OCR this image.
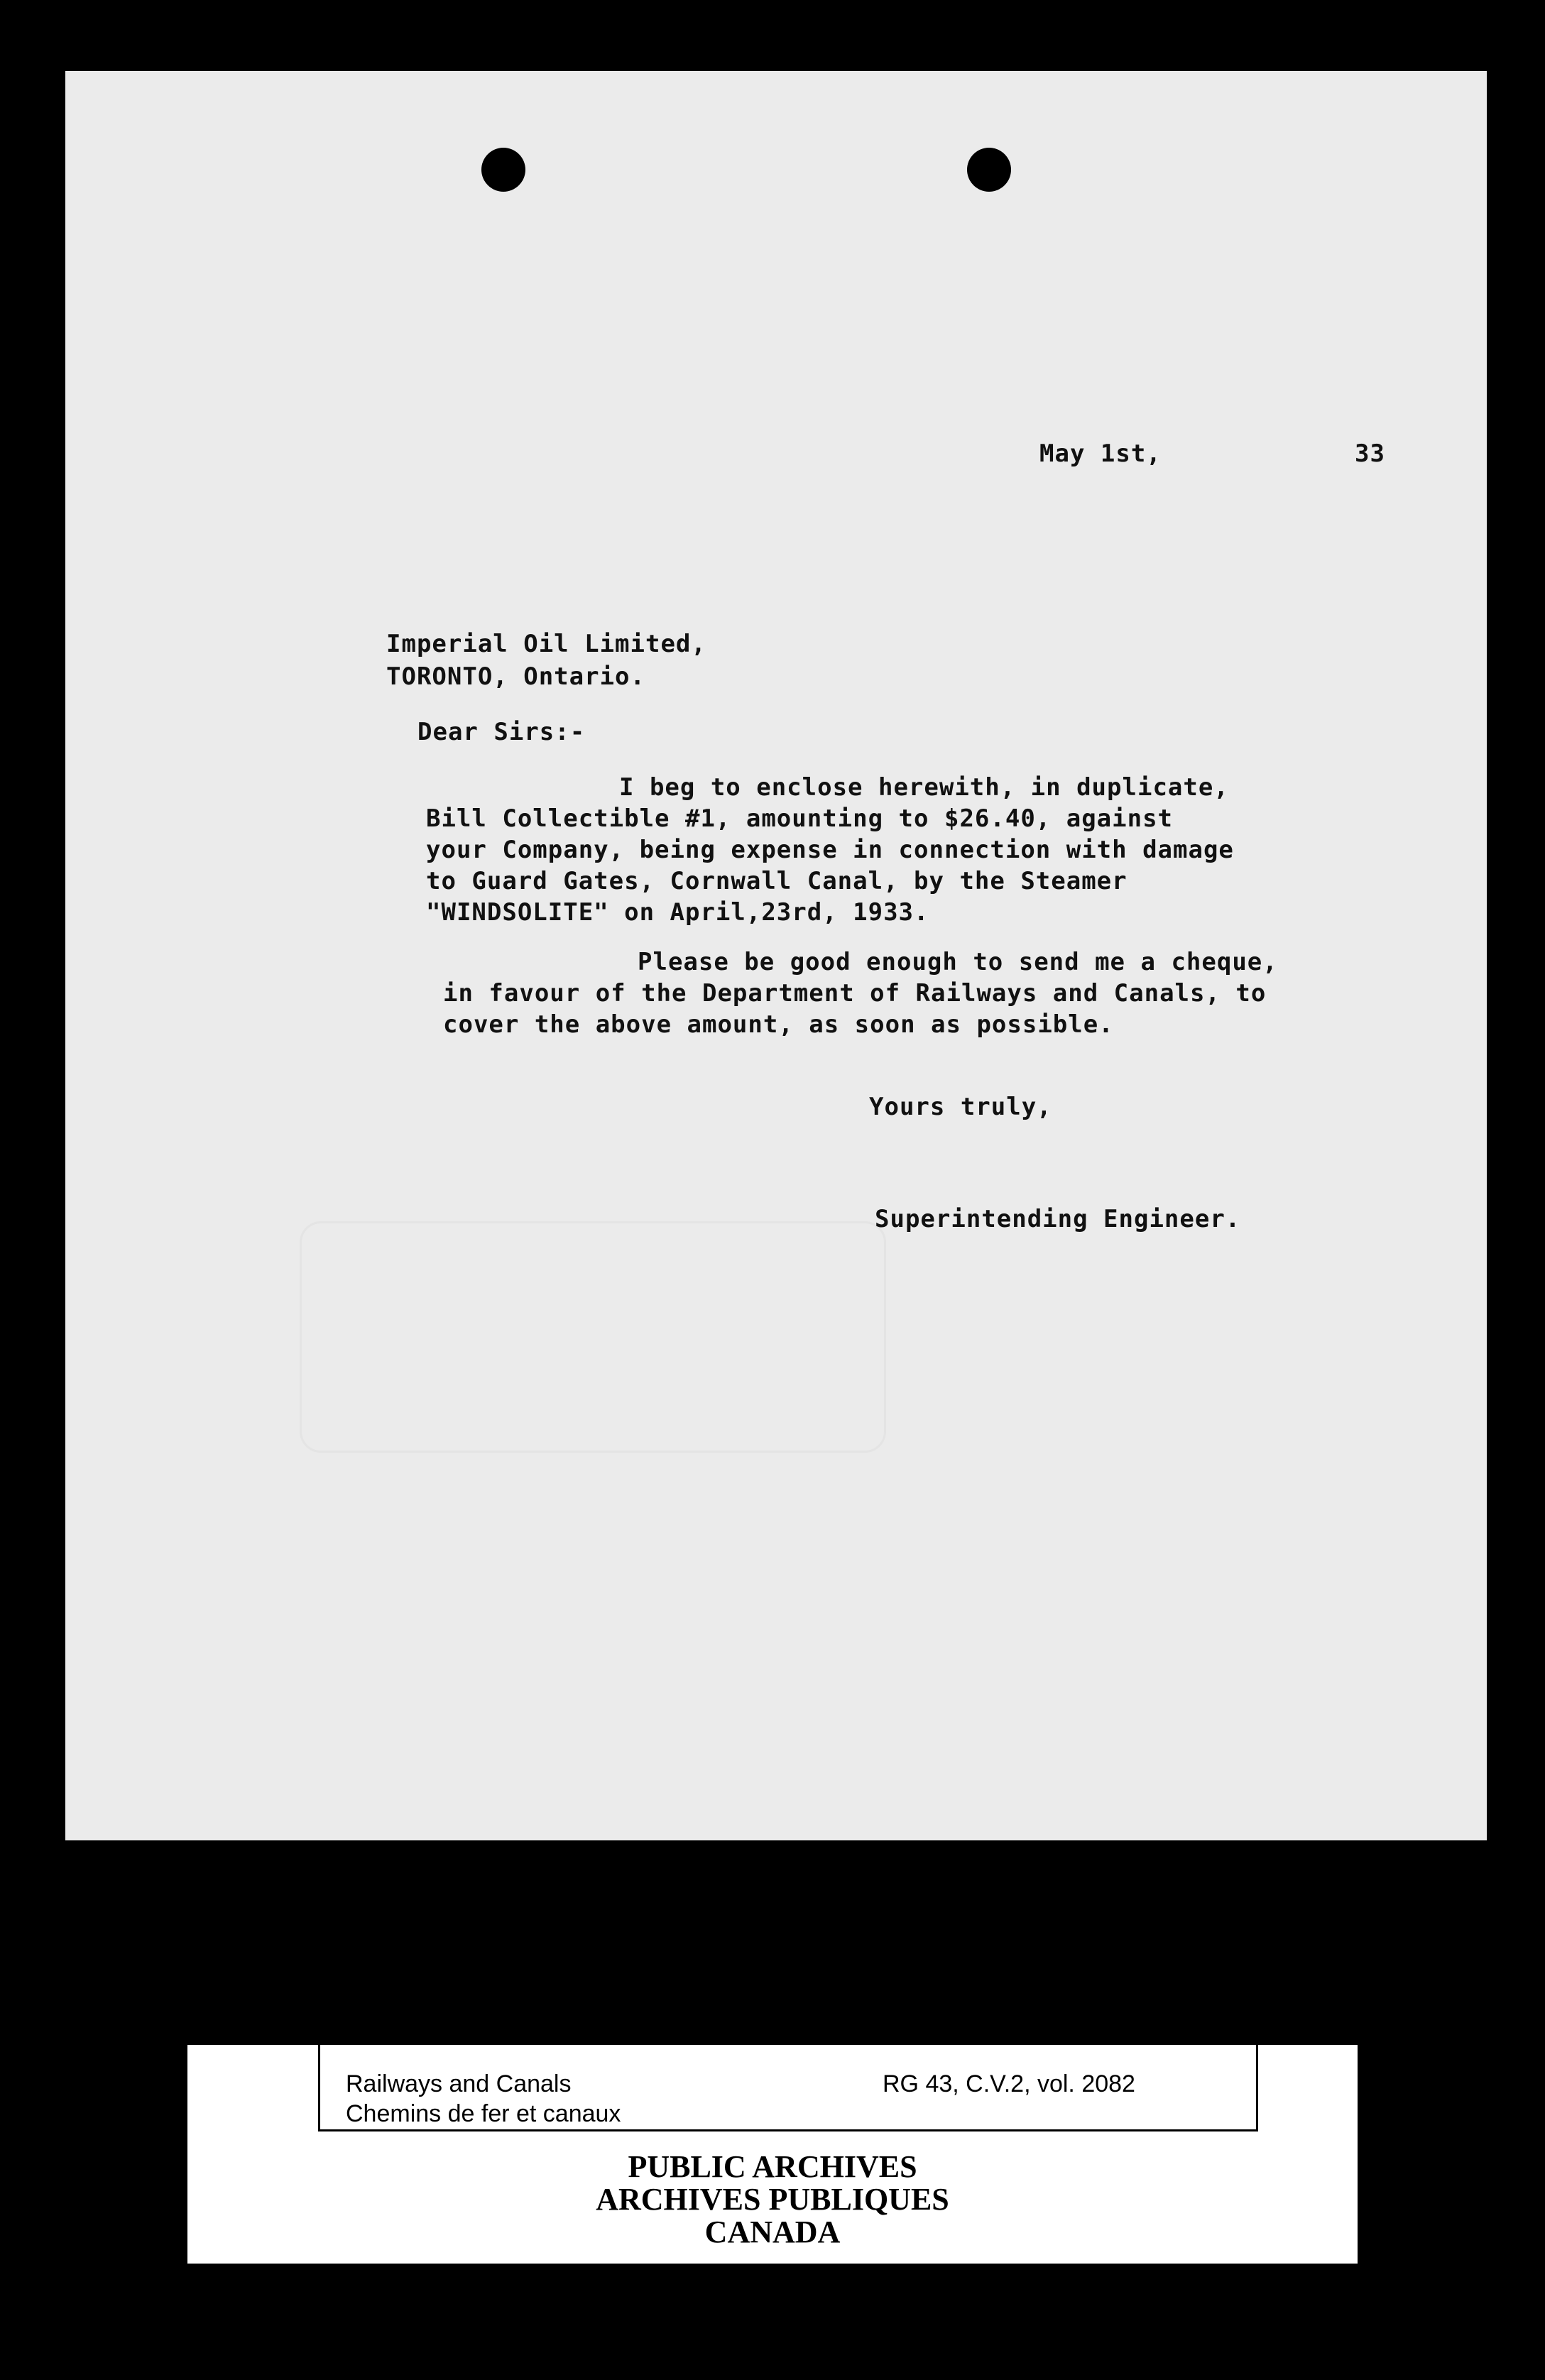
May 1st,	33
Imperial Oil Limited,
TORONTO, Ontario.
Dear Sirs:-
I beg to enclose herewith, in duplicate,
Bill Collectible #1, amounting to $26.40, against
your Company, being expense in connection with damage
to Guard Gates, Cornwall Canal, by the Steamer
"WINDSOLITE" on April,23rd, 1933.
Please be good enough to send me a cheque,
in favour of the Department of Railways and Canals, to
cover the above amount, as soon as possible.
Yours truly,
Superintending Engineer.
Railways and Canals
Chemins de fer et canaux
RG 43, C.V.2, vol. 2082
PUBLIC ARCHIVES
ARCHIVES PUBLIQUES
CANADA
